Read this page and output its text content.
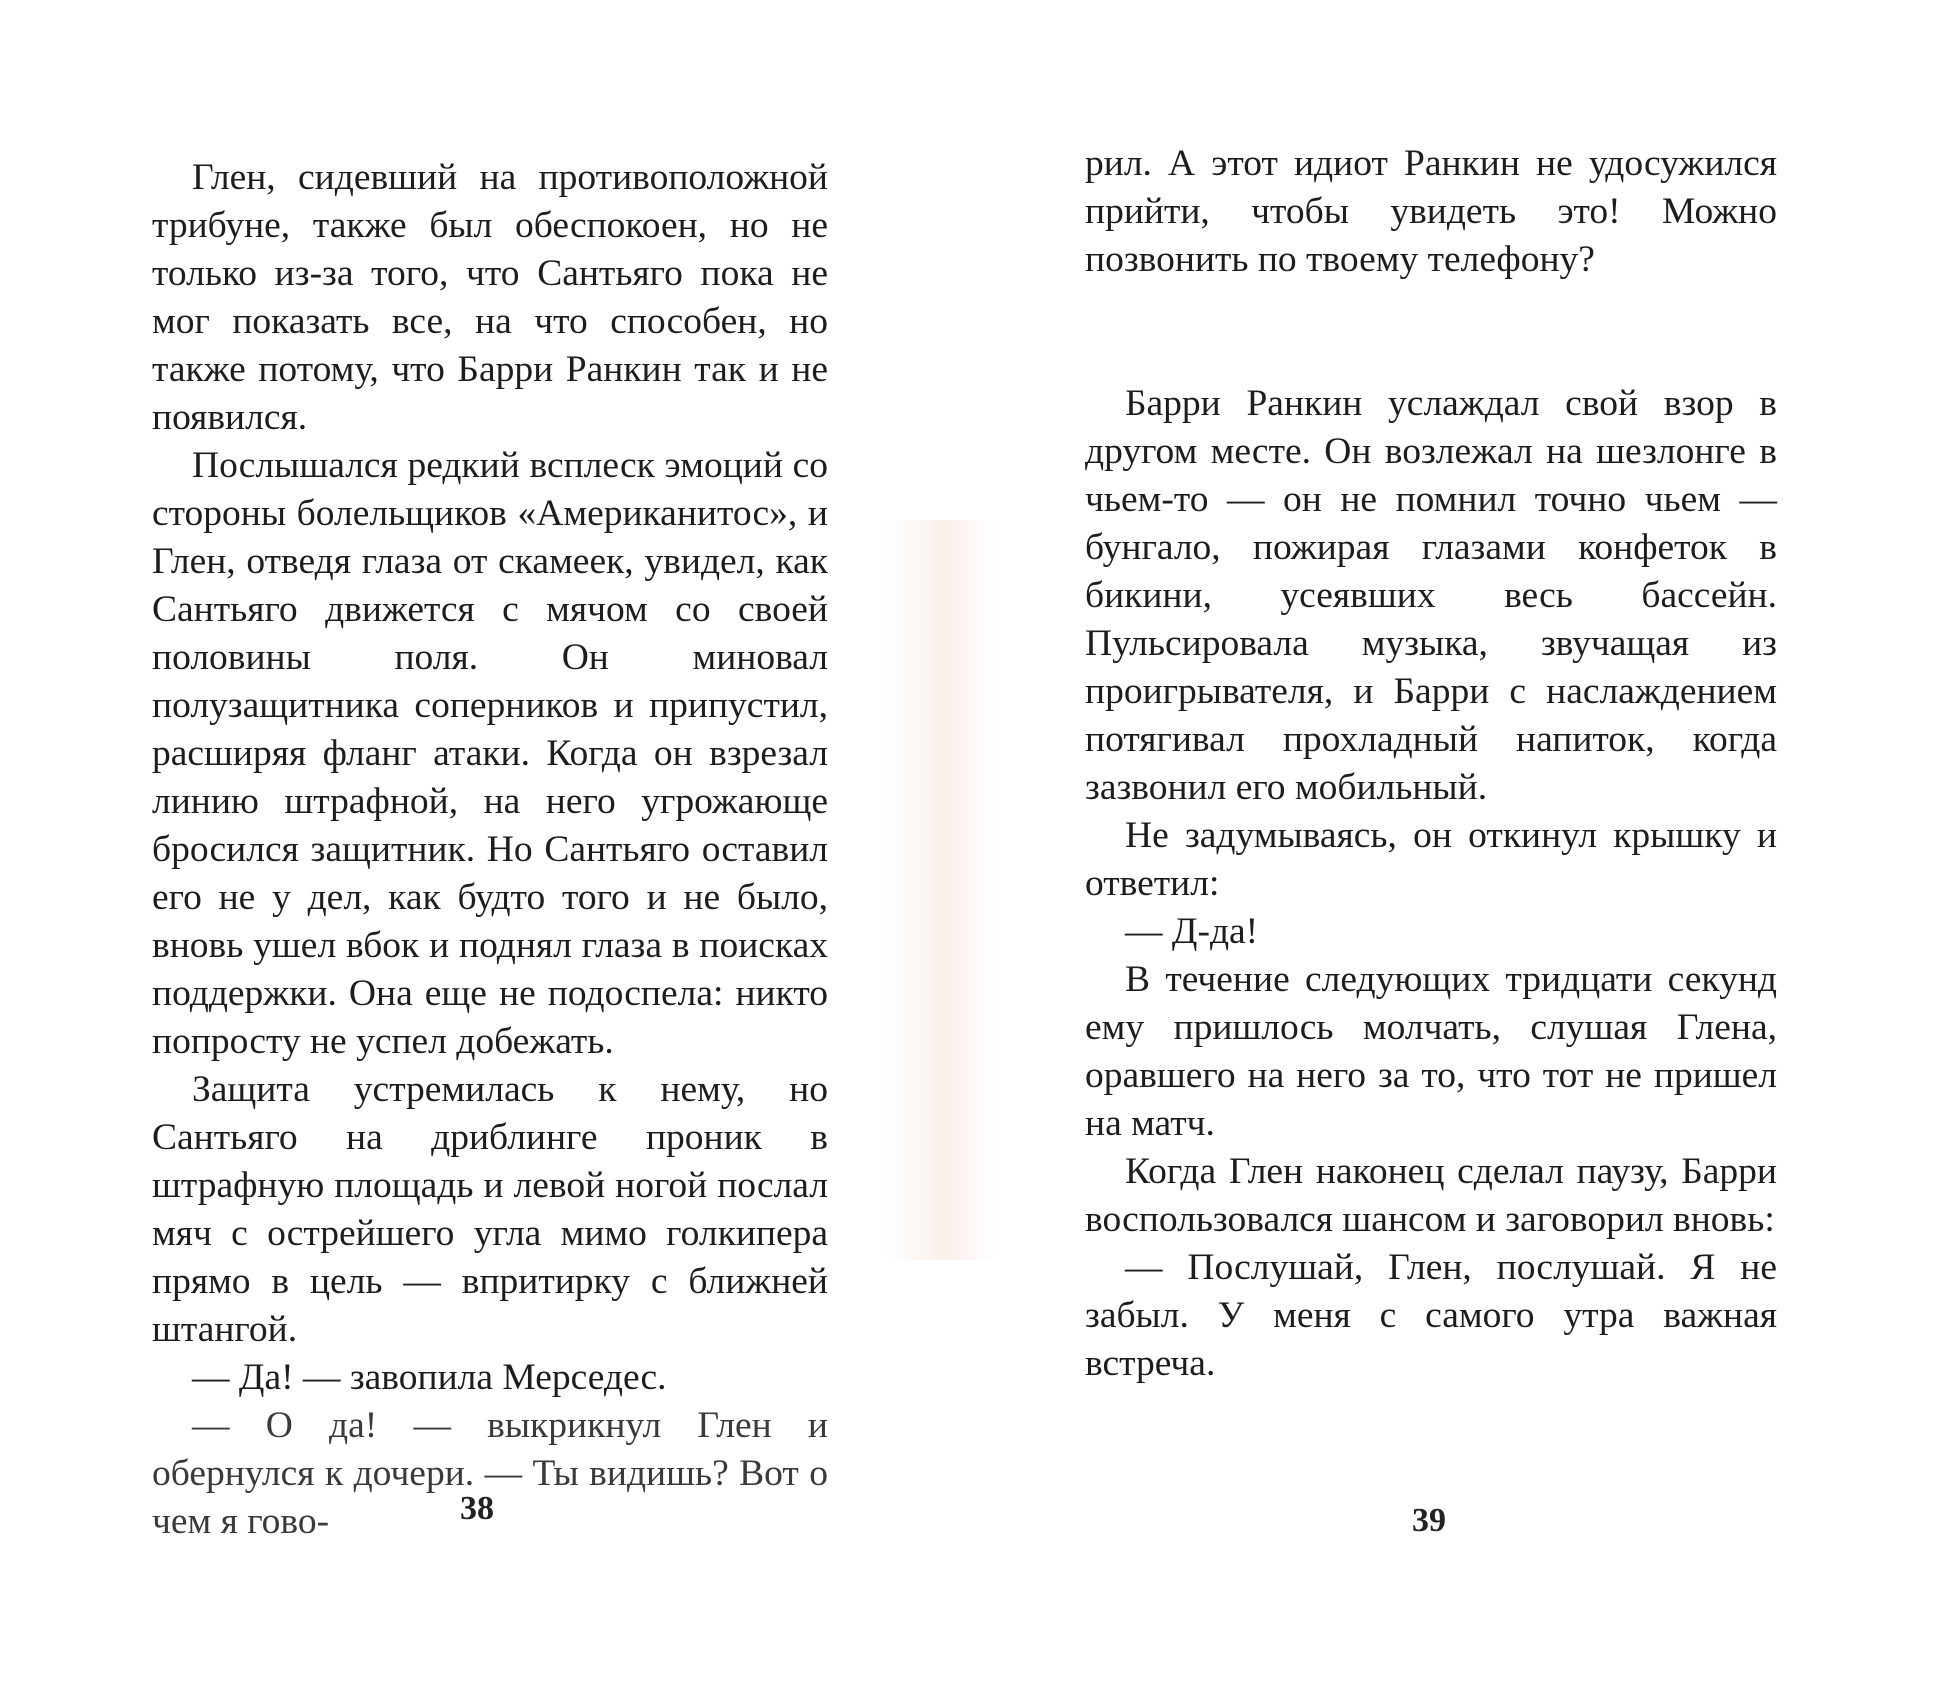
Глен, сидевший на противоположной трибуне, также был обеспокоен, но не только из-за того, что Сантьяго пока не мог показать все, на что способен, но также потому, что Барри Ранкин так и не появился.

Послышался редкий всплеск эмоций со стороны болельщиков «Американитос», и Глен, отведя глаза от скамеек, увидел, как Сантьяго движется с мячом со своей половины поля. Он миновал полузащитника соперников и припустил, расширяя фланг атаки. Когда он взрезал линию штрафной, на него угрожающе бросился защитник. Но Сантьяго оставил его не у дел, как будто того и не было, вновь ушел вбок и поднял глаза в поисках поддержки. Она еще не подоспела: никто попросту не успел добежать.

Защита устремилась к нему, но Сантьяго на дриблинге проник в штрафную площадь и левой ногой послал мяч с острейшего угла мимо голкипера прямо в цель — впритирку с ближней штангой.

— Да! — завопила Мерседес.

— О да! — выкрикнул Глен и обернулся к дочери. — Ты видишь? Вот о чем я гово-	38

рил. А этот идиот Ранкин не удосужился прийти, чтобы увидеть это! Можно позвонить по твоему телефону?

Барри Ранкин услаждал свой взор в другом месте. Он возлежал на шезлонге в чьем-то — он не помнил точно чьем — бунгало, пожирая глазами конфеток в бикини, усеявших весь бассейн. Пульсировала музыка, звучащая из проигрывателя, и Барри с наслаждением потягивал прохладный напиток, когда зазвонил его мобильный.

Не задумываясь, он откинул крышку и ответил:

— Д-да!

В течение следующих тридцати секунд ему пришлось молчать, слушая Глена, оравшего на него за то, что тот не пришел на матч.

Когда Глен наконец сделал паузу, Барри воспользовался шансом и заговорил вновь:

— Послушай, Глен, послушай. Я не забыл. У меня с самого утра важная встреча.

39
